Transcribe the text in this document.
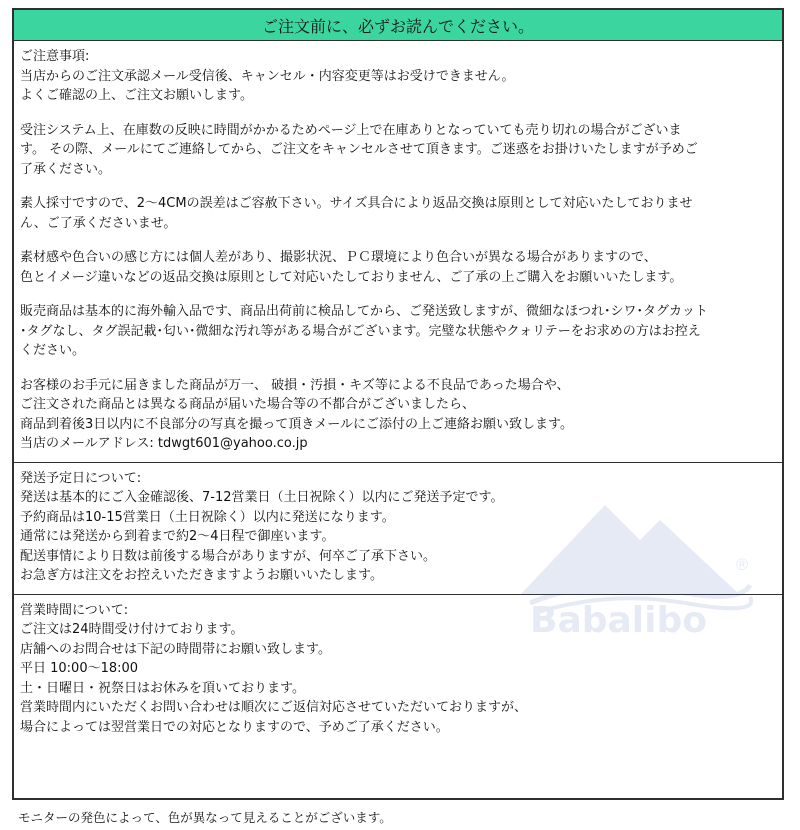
ご注文前に、必ずお読んでください。
ご注意事項:
当店からのご注文承認メール受信後、キャンセル・内容変更等はお受けできません。
よくご確認の上、ご注文お願いします。
受注システム上、在庫数の反映に時間がかかるためページ上で在庫ありとなっていても売り切れの場合がございま
す。 その際、メールにてご連絡してから、ご注文をキャンセルさせて頂きます。ご迷惑をお掛けいたしますが予めご
了承ください。
素人採寸ですので、2～4CMの誤差はご容赦下さい。サイズ具合により返品交換は原則として対応いたしておりませ
ん、ご了承くださいませ。
素材感や色合いの感じ方には個人差があり、撮影状況、ＰＣ環境により色合いが異なる場合がありますので、
色とイメージ違いなどの返品交換は原則として対応いたしておりません、ご了承の上ご購入をお願いいたします。
販売商品は基本的に海外輸入品です、商品出荷前に検品してから、ご発送致しますが、微細なほつれ･シワ･タグカット
･タグなし、タグ誤記載･匂い･微細な汚れ等がある場合がございます。完璧な状態やクォリテーをお求めの方はお控え
ください。
お客様のお手元に届きました商品が万一、 破損・汚損・キズ等による不良品であった場合や、
ご注文された商品とは異なる商品が届いた場合等の不都合がございましたら、
商品到着後3日以内に不良部分の写真を撮って頂きメールにご添付の上ご連絡お願い致します。
当店のメールアドレス: tdwgt601@yahoo.co.jp
発送予定日について:
発送は基本的にご入金確認後、7-12営業日（土日祝除く）以内にご発送予定です。
予約商品は10-15営業日（土日祝除く）以内に発送になります。
通常には発送から到着まで約2～4日程で御座います。
配送事情により日数は前後する場合がありますが、何卒ご了承下さい。
お急ぎ方は注文をお控えいただきますようお願いいたします。
営業時間について:
ご注文は24時間受け付けております。
店舗へのお問合せは下記の時間帯にお願い致します。
平日 10:00～18:00
土・日曜日・祝祭日はお休みを頂いております。
営業時間内にいただくお問い合わせは順次にご返信対応させていただいておりますが、
場合によっては翌営業日での対応となりますので、予めご了承ください。
モニターの発色によって、色が異なって見えることがございます。
